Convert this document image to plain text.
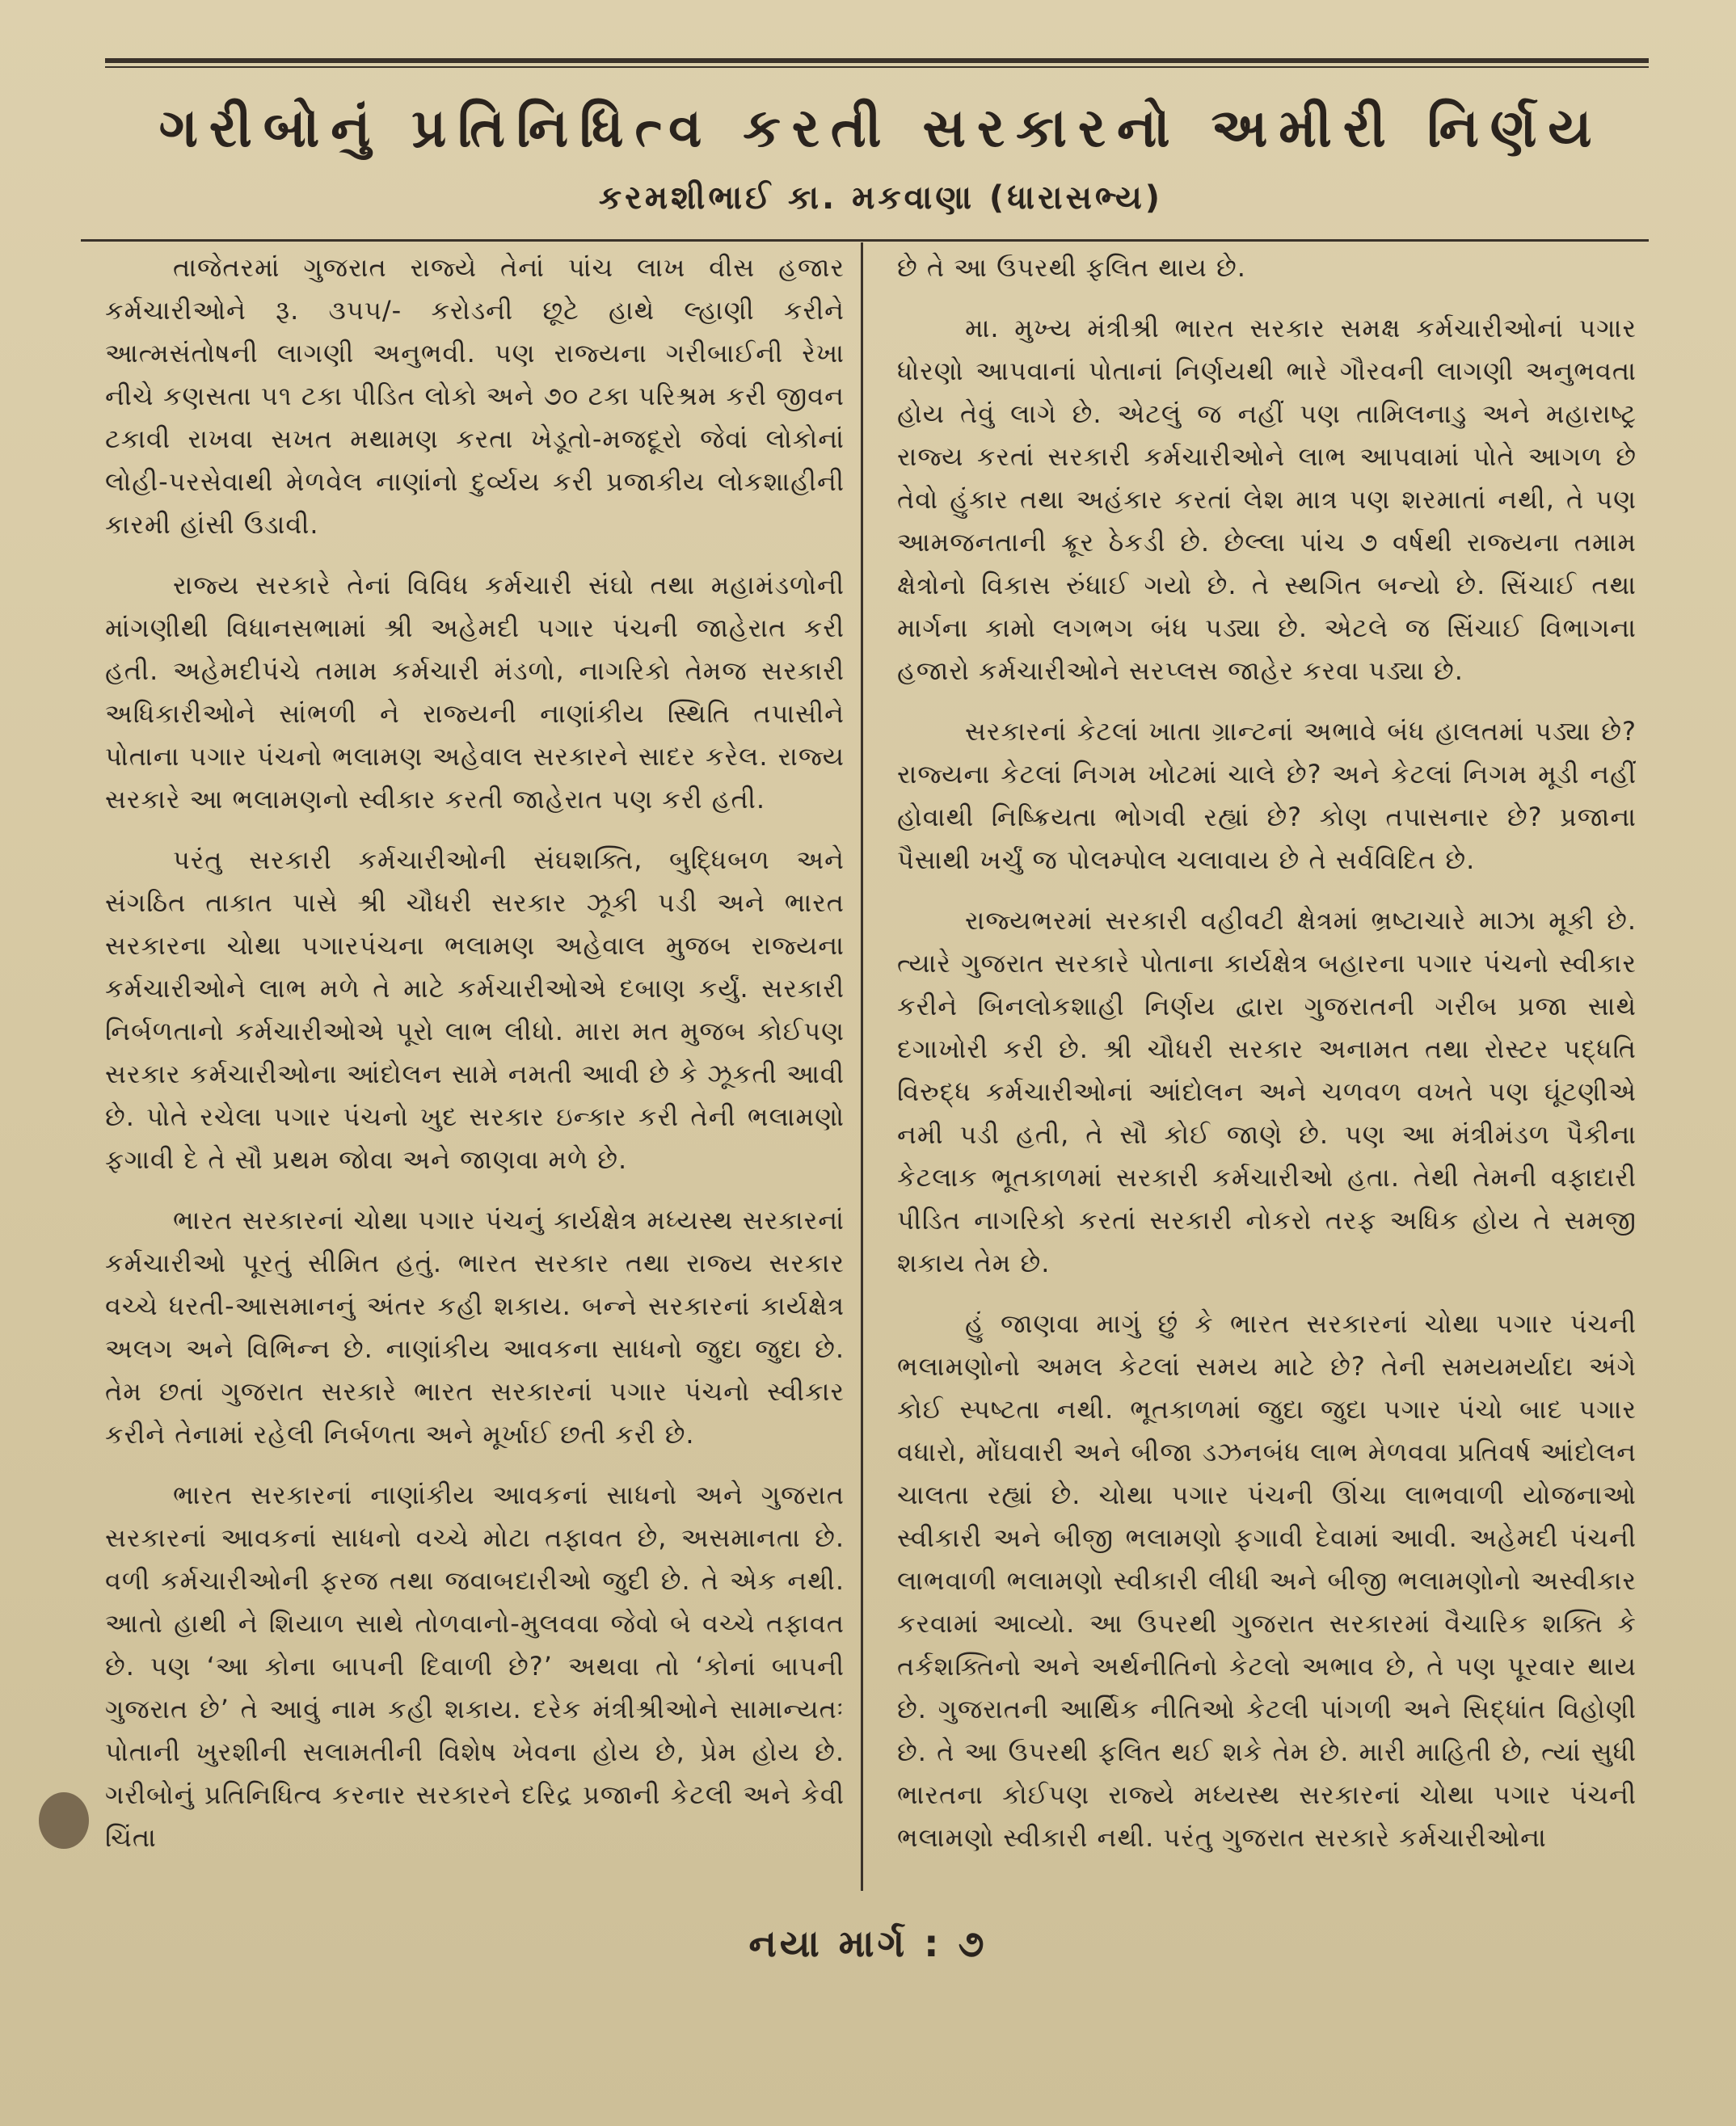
ગરીબોનું પ્રતિનિધિત્વ કરતી સરકારનો અમીરી નિર્ણય
કરમશીભાઈ કા. મકવાણા (ધારાસભ્ય)

તાજેતરમાં ગુજરાત રાજ્યે તેનાં પાંચ લાખ વીસ હજાર કર્મચારીઓને રૂ. ૩૫૫/- કરોડની છૂટે હાથે લ્હાણી કરીને આત્મસંતોષની લાગણી અનુભવી. પણ રાજ્યના ગરીબાઈની રેખા નીચે કણસતા ૫૧ ટકા પીડિત લોકો અને ૭૦ ટકા પરિશ્રમ કરી જીવન ટકાવી રાખવા સખત મથામણ કરતા ખેડૂતો-મજદૂરો જેવાં લોકોનાં લોહી-પરસેવાથી મેળવેલ નાણાંનો દુર્વ્યય કરી પ્રજાકીય લોકશાહીની કારમી હાંસી ઉડાવી.

રાજ્ય સરકારે તેનાં વિવિધ કર્મચારી સંઘો તથા મહામંડળોની માંગણીથી વિધાનસભામાં શ્રી અહેમદી પગાર પંચની જાહેરાત કરી હતી. અહેમદીપંચે તમામ કર્મચારી મંડળો, નાગરિકો તેમજ સરકારી અધિકારીઓને સાંભળી ને રાજ્યની નાણાંકીય સ્થિતિ તપાસીને પોતાના પગાર પંચનો ભલામણ અહેવાલ સરકારને સાદર કરેલ. રાજ્ય સરકારે આ ભલામણનો સ્વીકાર કરતી જાહેરાત પણ કરી હતી.

પરંતુ સરકારી કર્મચારીઓની સંઘશક્તિ, બુદ્ધિબળ અને સંગઠિત તાકાત પાસે શ્રી ચૌધરી સરકાર ઝૂકી પડી અને ભારત સરકારના ચોથા પગારપંચના ભલામણ અહેવાલ મુજબ રાજ્યના કર્મચારીઓને લાભ મળે તે માટે કર્મચારીઓએ દબાણ કર્યું. સરકારી નિર્બળતાનો કર્મચારીઓએ પૂરો લાભ લીધો. મારા મત મુજબ કોઈપણ સરકાર કર્મચારીઓના આંદોલન સામે નમતી આવી છે કે ઝૂકતી આવી છે. પોતે રચેલા પગાર પંચનો ખુદ સરકાર ઇન્કાર કરી તેની ભલામણો ફગાવી દે તે સૌ પ્રથમ જોવા અને જાણવા મળે છે.

ભારત સરકારનાં ચોથા પગાર પંચનું કાર્યક્ષેત્ર મધ્યસ્થ સરકારનાં કર્મચારીઓ પૂરતું સીમિત હતું. ભારત સરકાર તથા રાજ્ય સરકાર વચ્ચે ધરતી-આસમાનનું અંતર કહી શકાય. બન્ને સરકારનાં કાર્યક્ષેત્ર અલગ અને વિભિન્ન છે. નાણાંકીય આવકના સાધનો જુદા જુદા છે. તેમ છતાં ગુજરાત સરકારે ભારત સરકારનાં પગાર પંચનો સ્વીકાર કરીને તેનામાં રહેલી નિર્બળતા અને મૂર્ખાઈ છતી કરી છે.

ભારત સરકારનાં નાણાંકીય આવકનાં સાધનો અને ગુજરાત સરકારનાં આવકનાં સાધનો વચ્ચે મોટા તફાવત છે, અસમાનતા છે. વળી કર્મચારીઓની ફરજ તથા જવાબદારીઓ જુદી છે. તે એક નથી. આતો હાથી ને શિયાળ સાથે તોળવાનો-મુલવવા જેવો બે વચ્ચે તફાવત છે. પણ ‘આ કોના બાપની દિવાળી છે?’ અથવા તો ‘કોનાં બાપની ગુજરાત છે’ તે આવું નામ કહી શકાય. દરેક મંત્રીશ્રીઓને સામાન્યતઃ પોતાની ખુરશીની સલામતીની વિશેષ ખેવના હોય છે, પ્રેમ હોય છે. ગરીબોનું પ્રતિનિધિત્વ કરનાર સરકારને દરિદ્ર પ્રજાની કેટલી અને કેવી ચિંતા

છે તે આ ઉપરથી ફલિત થાય છે.

મા. મુખ્ય મંત્રીશ્રી ભારત સરકાર સમક્ષ કર્મચારીઓનાં પગાર ધોરણો આપવાનાં પોતાનાં નિર્ણયથી ભારે ગૌરવની લાગણી અનુભવતા હોય તેવું લાગે છે. એટલું જ નહીં પણ તામિલનાડુ અને મહારાષ્ટ્ર રાજ્ય કરતાં સરકારી કર્મચારીઓને લાભ આપવામાં પોતે આગળ છે તેવો હુંકાર તથા અહંકાર કરતાં લેશ માત્ર પણ શરમાતાં નથી, તે પણ આમજનતાની ક્રૂર ઠેકડી છે. છેલ્લા પાંચ ૭ વર્ષથી રાજ્યના તમામ ક્ષેત્રોનો વિકાસ રુંધાઈ ગયો છે. તે સ્થગિત બન્યો છે. સિંચાઈ તથા માર્ગના કામો લગભગ બંધ પડ્યા છે. એટલે જ સિંચાઈ વિભાગના હજારો કર્મચારીઓને સરપ્લસ જાહેર કરવા પડ્યા છે.

સરકારનાં કેટલાં ખાતા ગ્રાન્ટનાં અભાવે બંધ હાલતમાં પડ્યા છે? રાજ્યના કેટલાં નિગમ ખોટમાં ચાલે છે? અને કેટલાં નિગમ મૂડી નહીં હોવાથી નિષ્ક્રિયતા ભોગવી રહ્યાં છે? કોણ તપાસનાર છે? પ્રજાના પૈસાથી ખર્ચું જ પોલમ્પોલ ચલાવાય છે તે સર્વવિદિત છે.

રાજ્યભરમાં સરકારી વહીવટી ક્ષેત્રમાં ભ્રષ્ટાચારે માઝા મૂકી છે. ત્યારે ગુજરાત સરકારે પોતાના કાર્યક્ષેત્ર બહારના પગાર પંચનો સ્વીકાર કરીને બિનલોકશાહી નિર્ણય દ્વારા ગુજરાતની ગરીબ પ્રજા સાથે દગાખોરી કરી છે. શ્રી ચૌધરી સરકાર અનામત તથા રોસ્ટર પદ્ધતિ વિરુદ્ધ કર્મચારીઓનાં આંદોલન અને ચળવળ વખતે પણ ઘૂંટણીએ નમી પડી હતી, તે સૌ કોઈ જાણે છે. પણ આ મંત્રીમંડળ પૈકીના કેટલાક ભૂતકાળમાં સરકારી કર્મચારીઓ હતા. તેથી તેમની વફાદારી પીડિત નાગરિકો કરતાં સરકારી નોકરો તરફ અધિક હોય તે સમજી શકાય તેમ છે.

હું જાણવા માગું છું કે ભારત સરકારનાં ચોથા પગાર પંચની ભલામણોનો અમલ કેટલાં સમય માટે છે? તેની સમયમર્યાદા અંગે કોઈ સ્પષ્ટતા નથી. ભૂતકાળમાં જુદા જુદા પગાર પંચો બાદ પગાર વધારો, મોંઘવારી અને બીજા ડઝનબંધ લાભ મેળવવા પ્રતિવર્ષ આંદોલન ચાલતા રહ્યાં છે. ચોથા પગાર પંચની ઊંચા લાભવાળી યોજનાઓ સ્વીકારી અને બીજી ભલામણો ફગાવી દેવામાં આવી. અહેમદી પંચની લાભવાળી ભલામણો સ્વીકારી લીધી અને બીજી ભલામણોનો અસ્વીકાર કરવામાં આવ્યો. આ ઉપરથી ગુજરાત સરકારમાં વૈચારિક શક્તિ કે તર્કશક્તિનો અને અર્થનીતિનો કેટલો અભાવ છે, તે પણ પૂરવાર થાય છે. ગુજરાતની આર્થિક નીતિઓ કેટલી પાંગળી અને સિદ્ધાંત વિહોણી છે. તે આ ઉપરથી ફલિત થઈ શકે તેમ છે. મારી માહિતી છે, ત્યાં સુધી ભારતના કોઈપણ રાજ્યે મધ્યસ્થ સરકારનાં ચોથા પગાર પંચની ભલામણો સ્વીકારી નથી. પરંતુ ગુજરાત સરકારે કર્મચારીઓના

નયા માર્ગ : ૭
